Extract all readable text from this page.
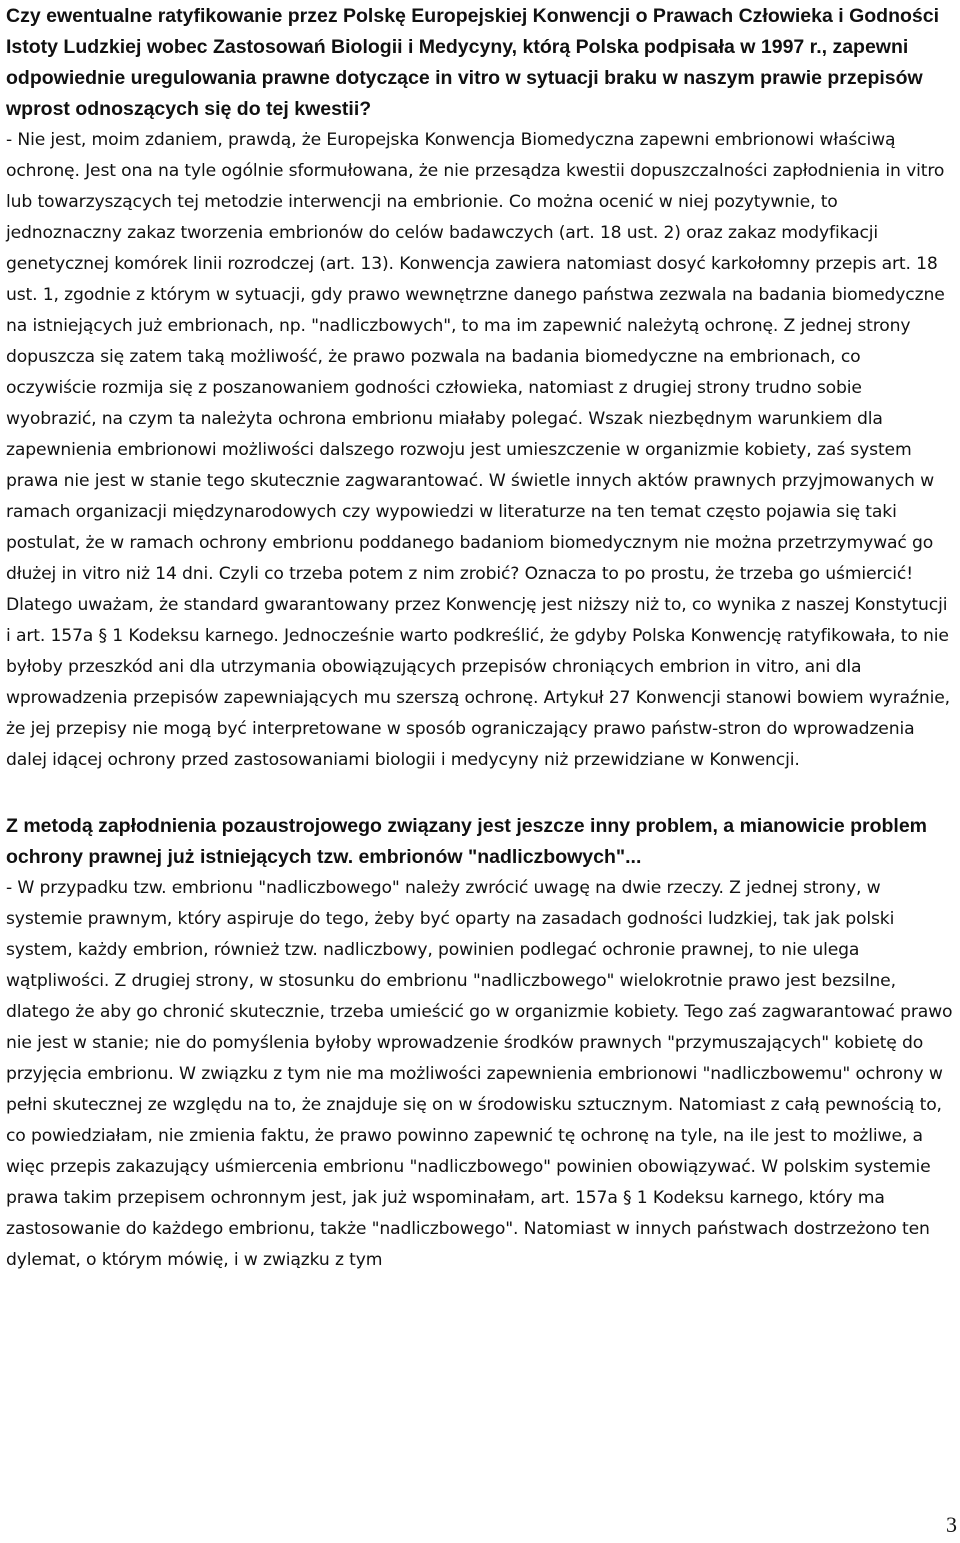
Czy ewentualne ratyfikowanie przez Polskę Europejskiej Konwencji o Prawach Człowieka i Godności Istoty Ludzkiej wobec Zastosowań Biologii i Medycyny, którą Polska podpisała w 1997 r., zapewni odpowiednie uregulowania prawne dotyczące in vitro w sytuacji braku w naszym prawie przepisów wprost odnoszących się do tej kwestii?

- Nie jest, moim zdaniem, prawdą, że Europejska Konwencja Biomedyczna zapewni embrionowi właściwą ochronę. Jest ona na tyle ogólnie sformułowana, że nie przesądza kwestii dopuszczalności zapłodnienia in vitro lub towarzyszących tej metodzie interwencji na embrionie. Co można ocenić w niej pozytywnie, to jednoznaczny zakaz tworzenia embrionów do celów badawczych (art. 18 ust. 2) oraz zakaz modyfikacji genetycznej komórek linii rozrodczej (art. 13). Konwencja zawiera natomiast dosyć karkołomny przepis art. 18 ust. 1, zgodnie z którym w sytuacji, gdy prawo wewnętrzne danego państwa zezwala na badania biomedyczne na istniejących już embrionach, np. "nadliczbowych", to ma im zapewnić należytą ochronę. Z jednej strony dopuszcza się zatem taką możliwość, że prawo pozwala na badania biomedyczne na embrionach, co oczywiście rozmija się z poszanowaniem godności człowieka, natomiast z drugiej strony trudno sobie wyobrazić, na czym ta należyta ochrona embrionu miałaby polegać. Wszak niezbędnym warunkiem dla zapewnienia embrionowi możliwości dalszego rozwoju jest umieszczenie w organizmie kobiety, zaś system prawa nie jest w stanie tego skutecznie zagwarantować. W świetle innych aktów prawnych przyjmowanych w ramach organizacji międzynarodowych czy wypowiedzi w literaturze na ten temat często pojawia się taki postulat, że w ramach ochrony embrionu poddanego badaniom biomedycznym nie można przetrzymywać go dłużej in vitro niż 14 dni. Czyli co trzeba potem z nim zrobić? Oznacza to po prostu, że trzeba go uśmiercić! Dlatego uważam, że standard gwarantowany przez Konwencję jest niższy niż to, co wynika z naszej Konstytucji i art. 157a § 1 Kodeksu karnego. Jednocześnie warto podkreślić, że gdyby Polska Konwencję ratyfikowała, to nie byłoby przeszkód ani dla utrzymania obowiązujących przepisów chroniących embrion in vitro, ani dla wprowadzenia przepisów zapewniających mu szerszą ochronę. Artykuł 27 Konwencji stanowi bowiem wyraźnie, że jej przepisy nie mogą być interpretowane w sposób ograniczający prawo państw-stron do wprowadzenia dalej idącej ochrony przed zastosowaniami biologii i medycyny niż przewidziane w Konwencji.

Z metodą zapłodnienia pozaustrojowego związany jest jeszcze inny problem, a mianowicie problem ochrony prawnej już istniejących tzw. embrionów "nadliczbowych"...

- W przypadku tzw. embrionu "nadliczbowego" należy zwrócić uwagę na dwie rzeczy. Z jednej strony, w systemie prawnym, który aspiruje do tego, żeby być oparty na zasadach godności ludzkiej, tak jak polski system, każdy embrion, również tzw. nadliczbowy, powinien podlegać ochronie prawnej, to nie ulega wątpliwości. Z drugiej strony, w stosunku do embrionu "nadliczbowego" wielokrotnie prawo jest bezsilne, dlatego że aby go chronić skutecznie, trzeba umieścić go w organizmie kobiety. Tego zaś zagwarantować prawo nie jest w stanie; nie do pomyślenia byłoby wprowadzenie środków prawnych "przymuszających" kobietę do przyjęcia embrionu. W związku z tym nie ma możliwości zapewnienia embrionowi "nadliczbowemu" ochrony w pełni skutecznej ze względu na to, że znajduje się on w środowisku sztucznym. Natomiast z całą pewnością to, co powiedziałam, nie zmienia faktu, że prawo powinno zapewnić tę ochronę na tyle, na ile jest to możliwe, a więc przepis zakazujący uśmiercenia embrionu "nadliczbowego" powinien obowiązywać. W polskim systemie prawa takim przepisem ochronnym jest, jak już wspominałam, art. 157a § 1 Kodeksu karnego, który ma zastosowanie do każdego embrionu, także "nadliczbowego". Natomiast w innych państwach dostrzeżono ten dylemat, o którym mówię, i w związku z tym

3
